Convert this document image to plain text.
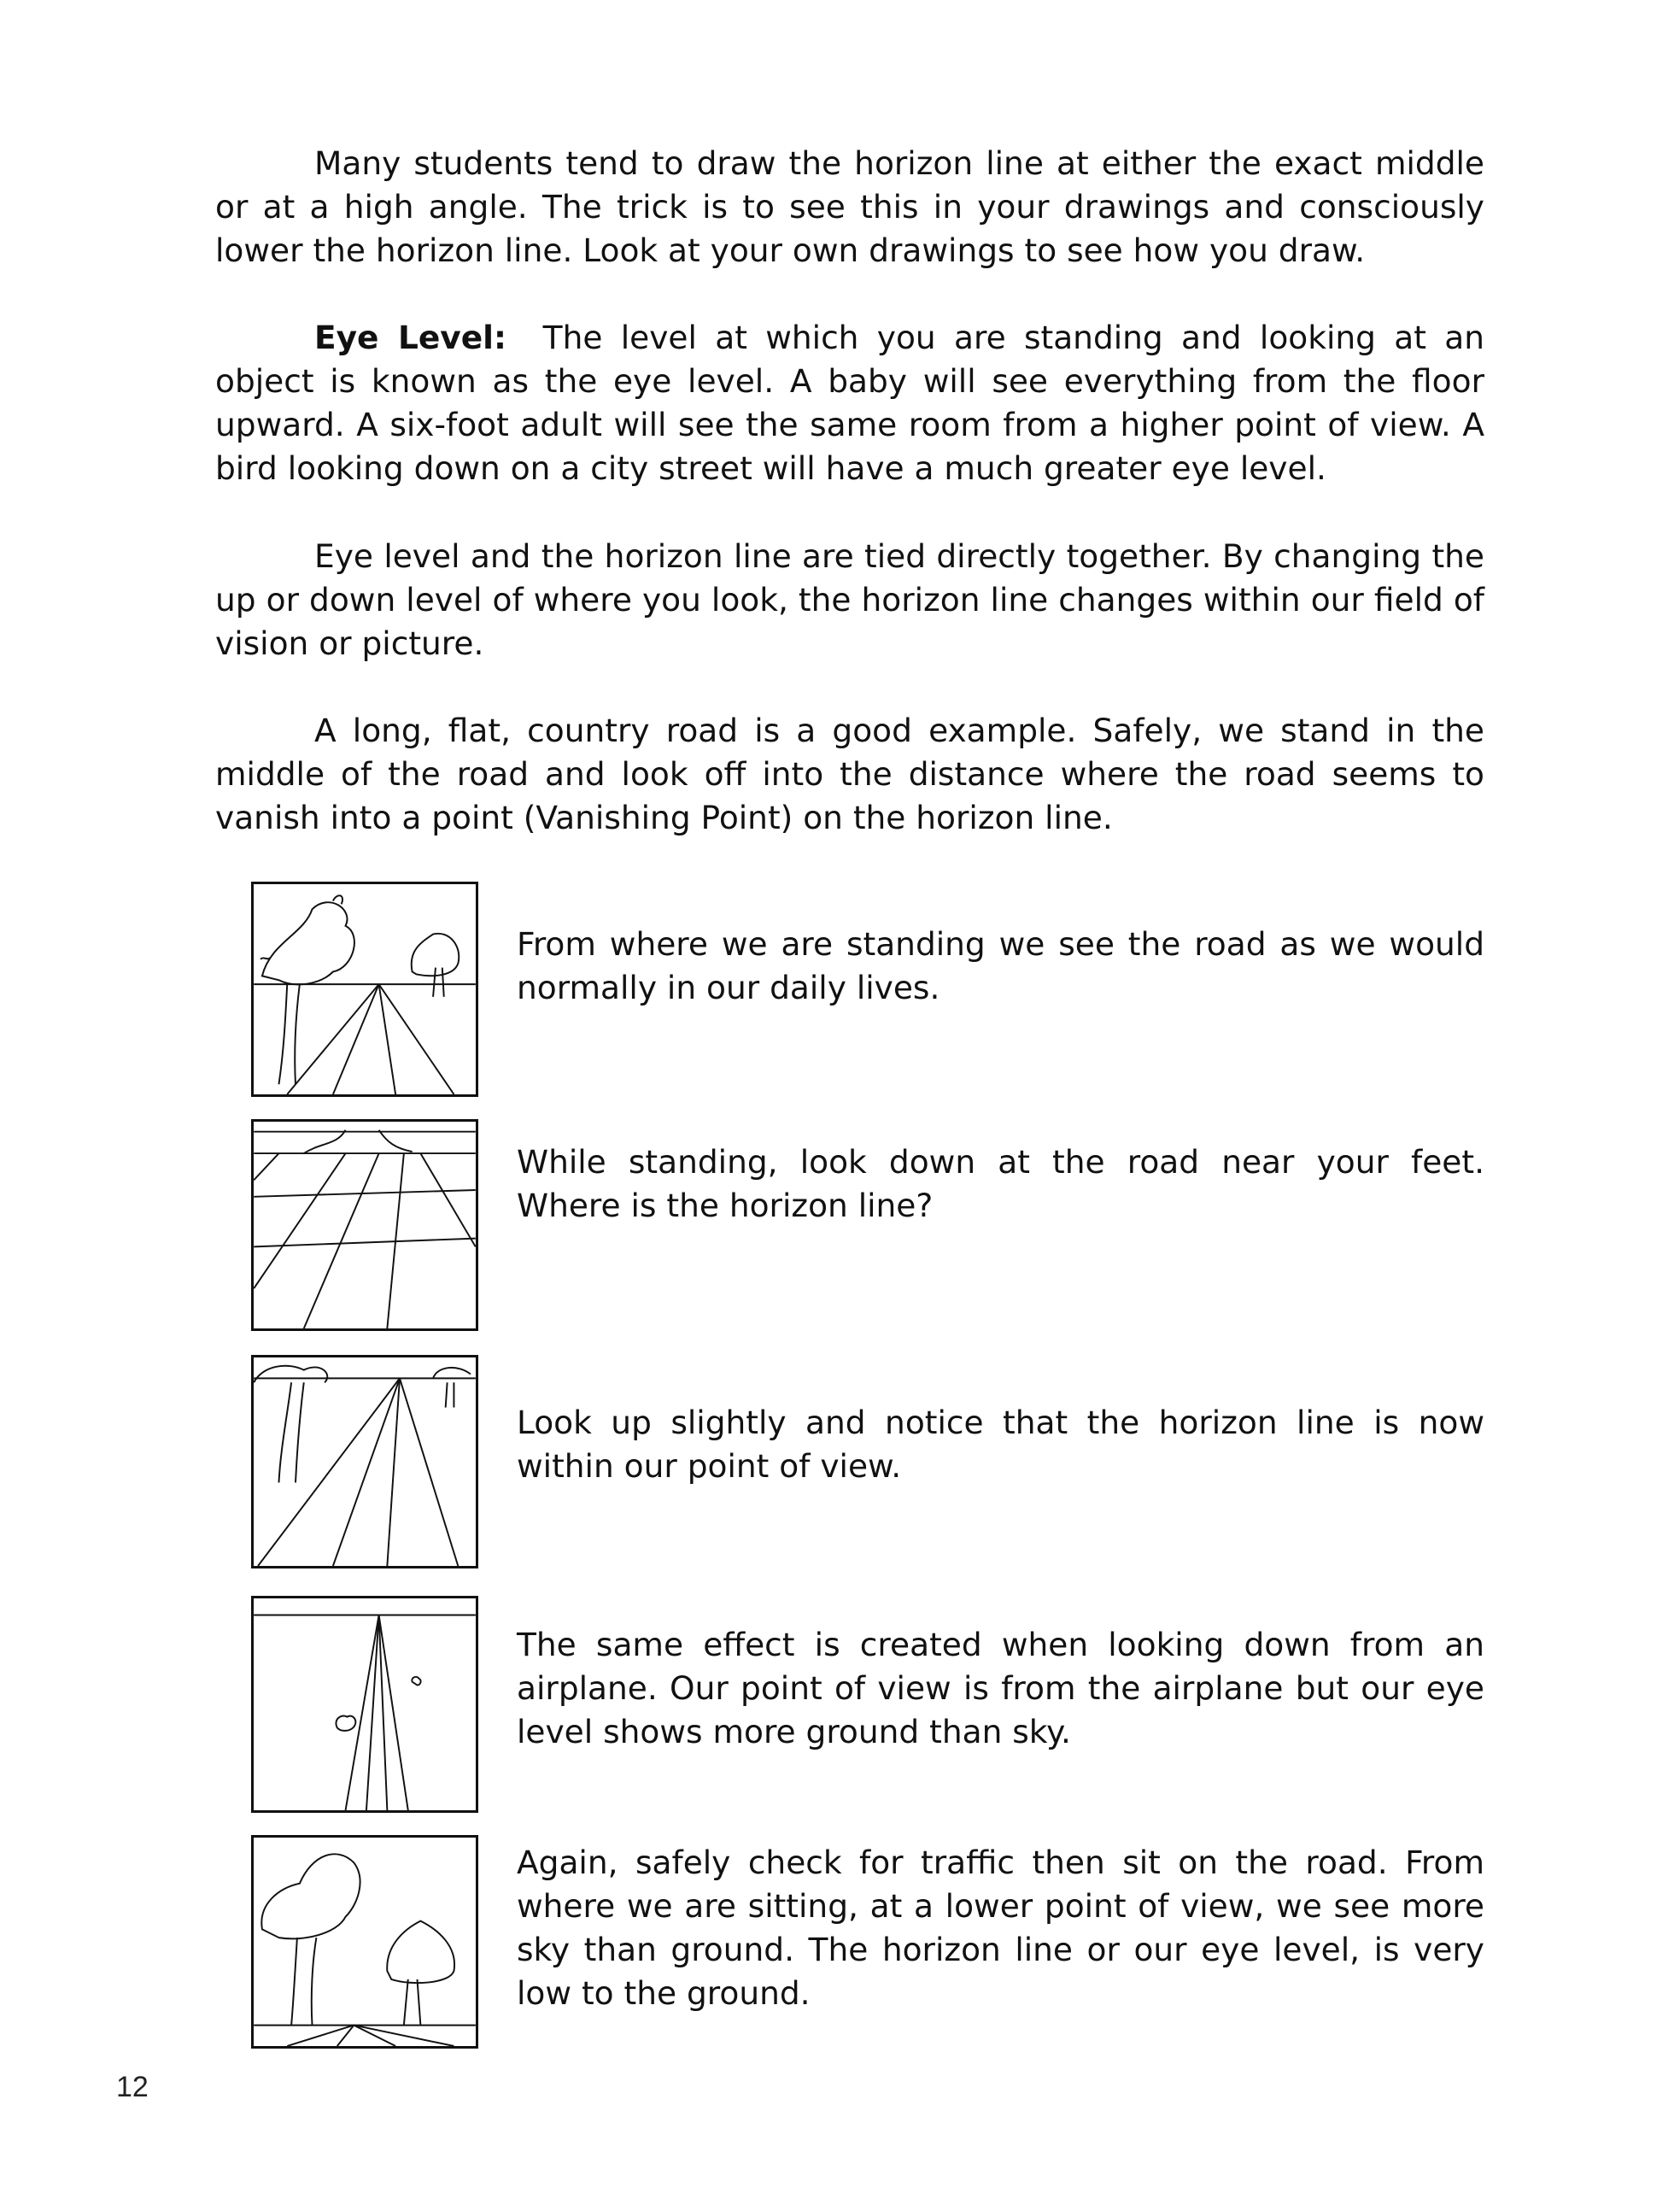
Many students tend to draw the horizon line at either the exact middle or at a high angle. The trick is to see this in your drawings and consciously lower the horizon line. Look at your own drawings to see how you draw.

Eye Level: The level at which you are standing and looking at an object is known as the eye level. A baby will see everything from the floor upward. A six-foot adult will see the same room from a higher point of view. A bird looking down on a city street will have a much greater eye level.

Eye level and the horizon line are tied directly together. By changing the up or down level of where you look, the horizon line changes within our field of vision or picture.

A long, flat, country road is a good example. Safely, we stand in the middle of the road and look off into the distance where the road seems to vanish into a point (Vanishing Point) on the horizon line.

From where we are standing we see the road as we would normally in our daily lives.

While standing, look down at the road near your feet. Where is the horizon line?

Look up slightly and notice that the horizon line is now within our point of view.

The same effect is created when looking down from an airplane. Our point of view is from the airplane but our eye level shows more ground than sky.

Again, safely check for traffic then sit on the road. From where we are sitting, at a lower point of view, we see more sky than ground. The horizon line or our eye level, is very low to the ground.

12
